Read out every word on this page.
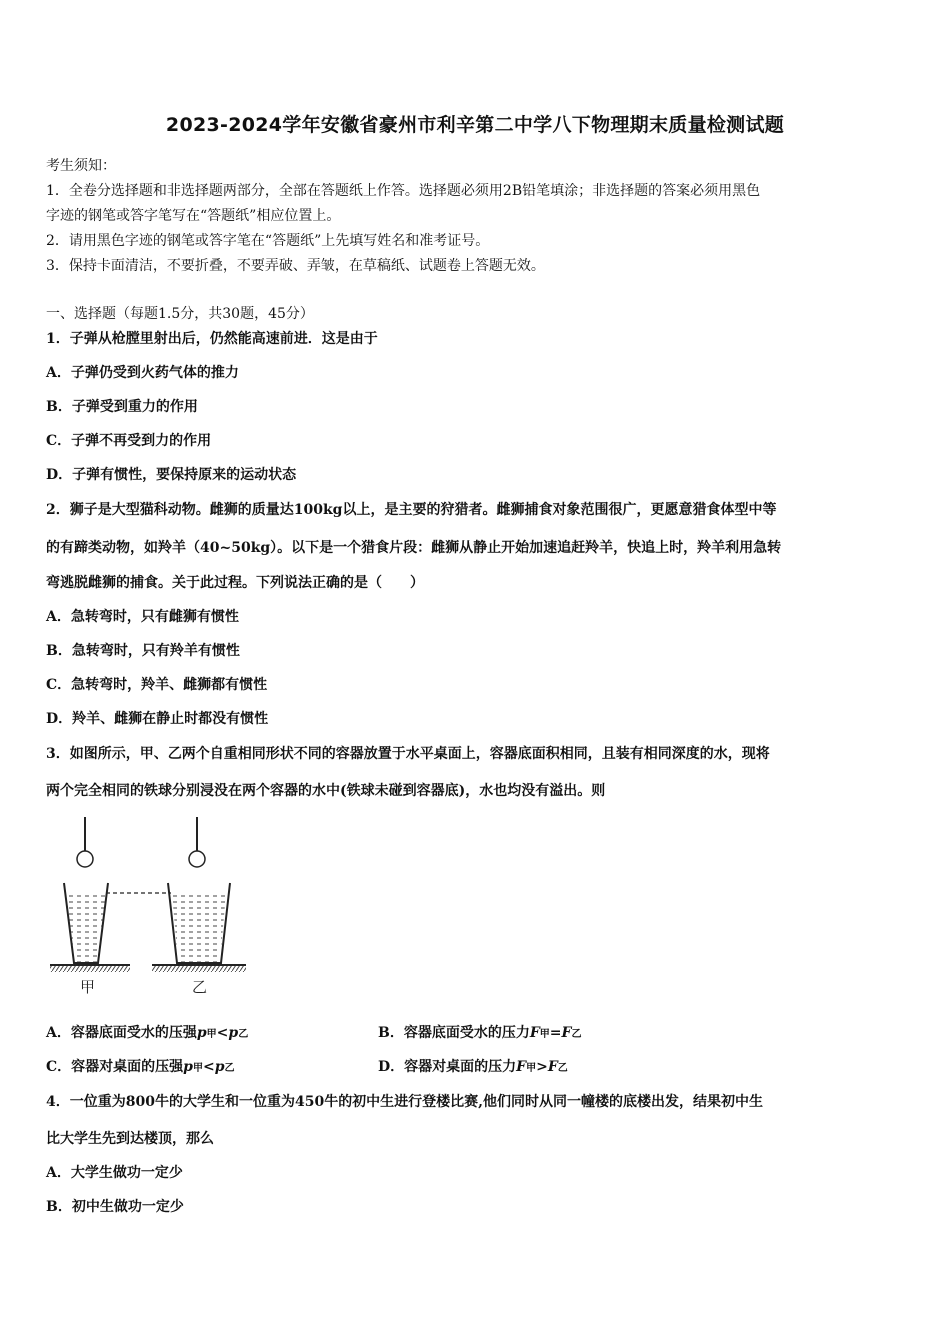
2023-2024学年安徽省豪州市利辛第二中学八下物理期末质量检测试题
考生须知：
1．全卷分选择题和非选择题两部分，全部在答题纸上作答。选择题必须用2B铅笔填涂；非选择题的答案必须用黑色
字迹的钢笔或答字笔写在“答题纸”相应位置上。
2．请用黑色字迹的钢笔或答字笔在“答题纸”上先填写姓名和准考证号。
3．保持卡面清洁，不要折叠，不要弄破、弄皱，在草稿纸、试题卷上答题无效。
一、选择题（每题1.5分，共30题，45分）
1．子弹从枪膛里射出后，仍然能高速前进．这是由于
A．子弹仍受到火药气体的推力
B．子弹受到重力的作用
C．子弹不再受到力的作用
D．子弹有惯性，要保持原来的运动状态
2．狮子是大型猫科动物。雌狮的质量达100kg以上，是主要的狩猎者。雌狮捕食对象范围很广，更愿意猎食体型中等
的有蹄类动物，如羚羊（40~50kg）。以下是一个猎食片段：雌狮从静止开始加速追赶羚羊，快追上时，羚羊利用急转
弯逃脱雌狮的捕食。关于此过程。下列说法正确的是（　　）
A．急转弯时，只有雌狮有惯性
B．急转弯时，只有羚羊有惯性
C．急转弯时，羚羊、雌狮都有惯性
D．羚羊、雌狮在静止时都没有惯性
3．如图所示，甲、乙两个自重相同形状不同的容器放置于水平桌面上，容器底面积相同，且装有相同深度的水，现将
两个完全相同的铁球分别浸没在两个容器的水中(铁球未碰到容器底)，水也均没有溢出。则
甲	乙
A．容器底面受水的压强p甲<p乙	B．容器底面受水的压力F甲=F乙
C．容器对桌面的压强p甲<p乙	D．容器对桌面的压力F甲>F乙
4．一位重为800牛的大学生和一位重为450牛的初中生进行登楼比赛,他们同时从同一幢楼的底楼出发，结果初中生
比大学生先到达楼顶，那么
A．大学生做功一定少
B．初中生做功一定少
